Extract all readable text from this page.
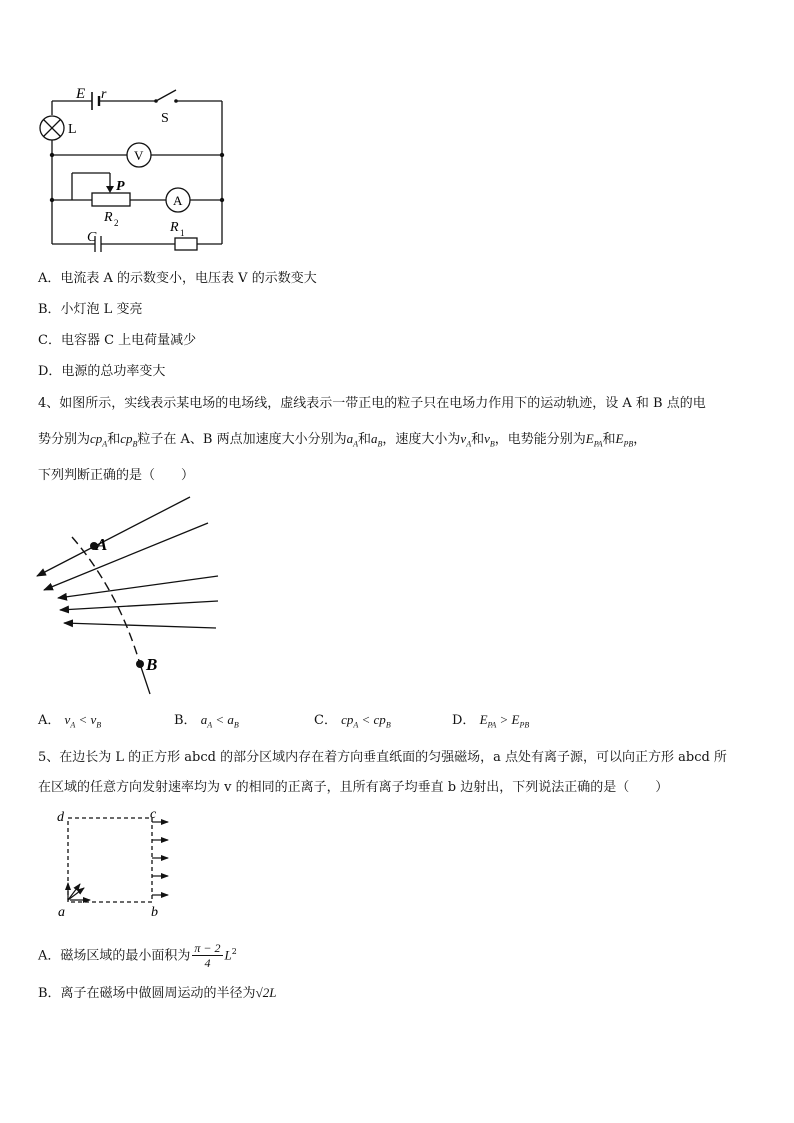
E r
S
L
V
P
A
R 2
C
R 1
A．电流表 A 的示数变小，电压表 V 的示数变大
B．小灯泡 L 变亮
C．电容器 C 上电荷量减少
D．电源的总功率变大
4、如图所示，实线表示某电场的电场线，虚线表示一带正电的粒子只在电场力作用下的运动轨迹，设 A 和 B 点的电
势分别为$cp_A$和$cp_B$粒子在 A、B 两点加速度大小分别为$a_A$和$a_B$，速度大小为$v_A$和$v_B$，电势能分别为$E_{PA}$和$E_{PB}$，
下列判断正确的是（　　）
A
B
A． $v_A < v_B$	B． $a_A < a_B$	C． $cp_A < cp_B$	D． $E_{PA} > E_{PB}$
5、在边长为 L 的正方形 abcd 的部分区域内存在着方向垂直纸面的匀强磁场，a 点处有离子源，可以向正方形 abcd 所
在区域的任意方向发射速率均为 v 的相同的正离子，且所有离子均垂直 b 边射出，下列说法正确的是（　　）
d	c
a	b
A．磁场区域的最小面积为 $\frac{\pi - 2}{4} L^2$
B．离子在磁场中做圆周运动的半径为√2L
